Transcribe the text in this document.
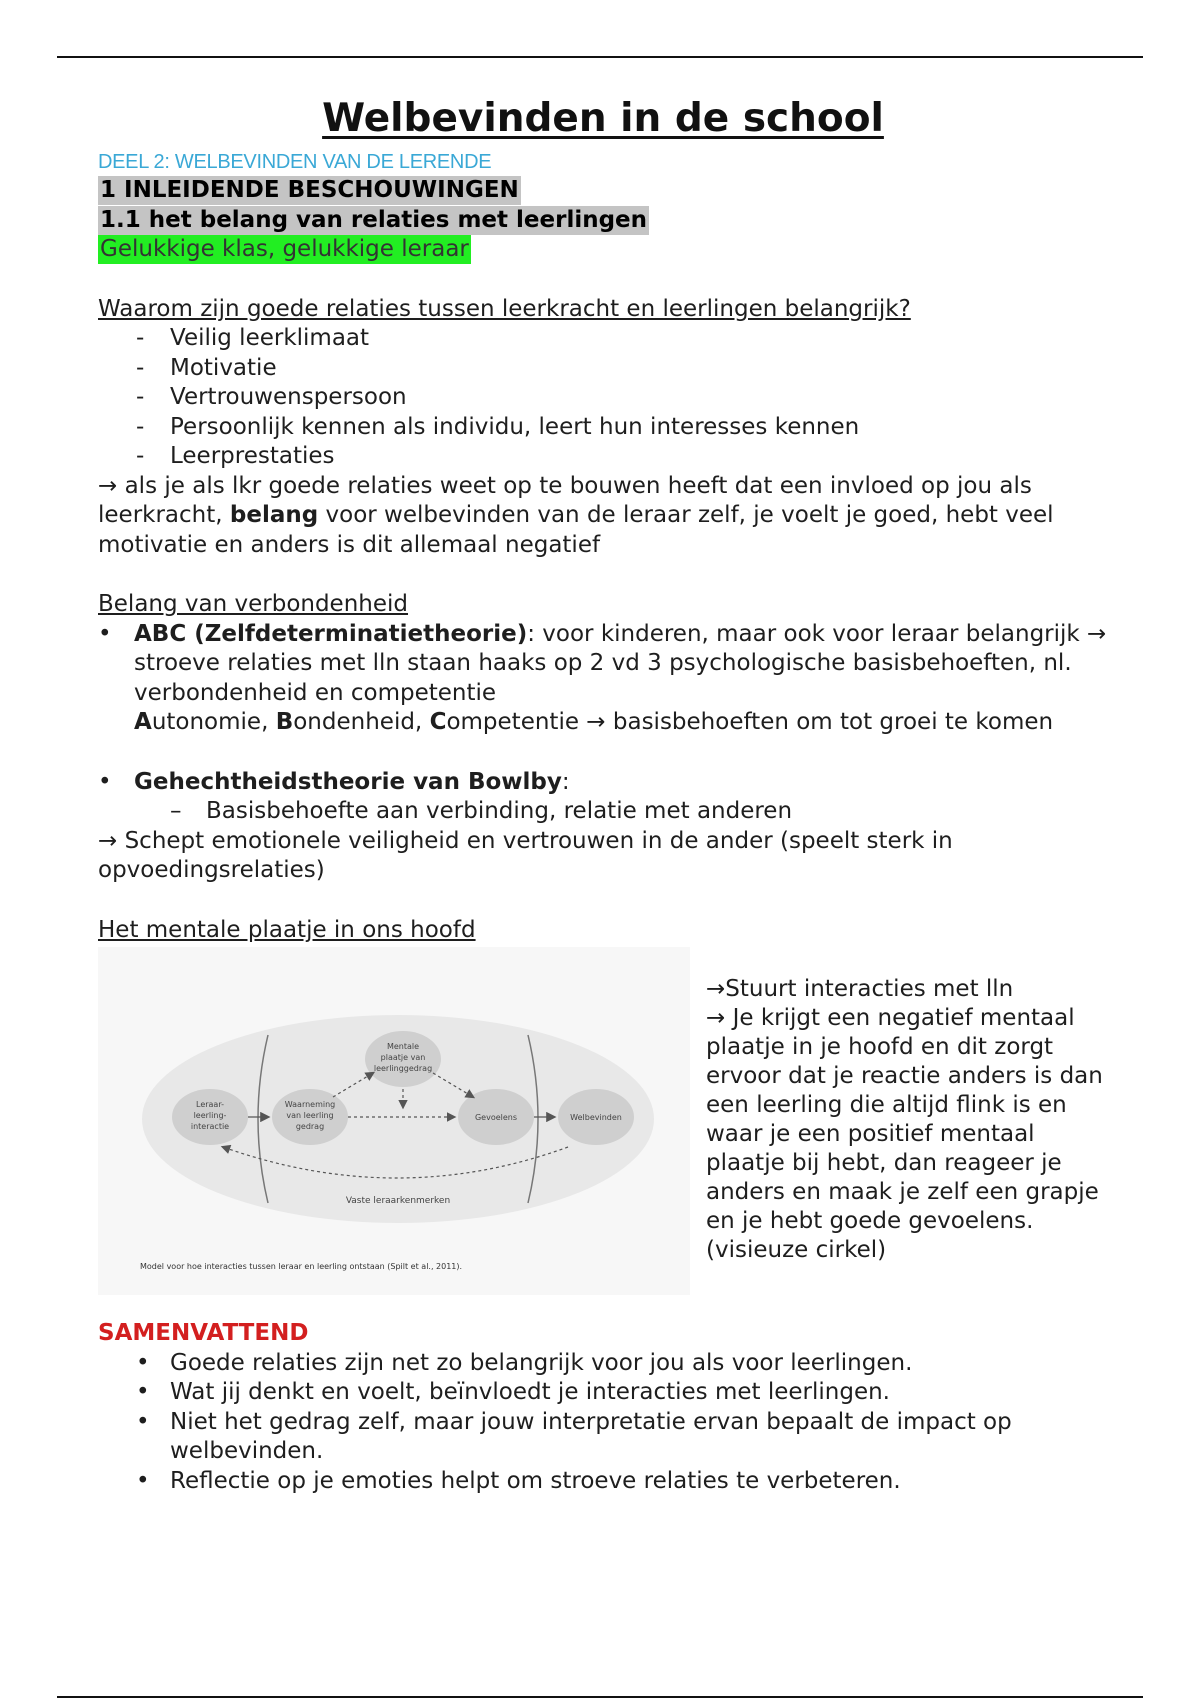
Welbevinden in de school
DEEL 2: WELBEVINDEN VAN DE LERENDE
1 INLEIDENDE BESCHOUWINGEN
1.1 het belang van relaties met leerlingen
Gelukkige klas, gelukkige leraar
Waarom zijn goede relaties tussen leerkracht en leerlingen belangrijk?
- Veilig leerklimaat
- Motivatie
- Vertrouwenspersoon
- Persoonlijk kennen als individu, leert hun interesses kennen
- Leerprestaties
→ als je als lkr goede relaties weet op te bouwen heeft dat een invloed op jou als leerkracht, belang voor welbevinden van de leraar zelf, je voelt je goed, hebt veel motivatie en anders is dit allemaal negatief
Belang van verbondenheid
• ABC (Zelfdeterminatietheorie): voor kinderen, maar ook voor leraar belangrijk → stroeve relaties met lln staan haaks op 2 vd 3 psychologische basisbehoeften, nl. verbondenheid en competentie
Autonomie, Bondenheid, Competentie → basisbehoeften om tot groei te komen
• Gehechtheidstheorie van Bowlby:
– Basisbehoefte aan verbinding, relatie met anderen
→ Schept emotionele veiligheid en vertrouwen in de ander (speelt sterk in opvoedingsrelaties)
Het mentale plaatje in ons hoofd
Leraar-
leerling-
interactie
Waarneming
van leerling
gedrag
Mentale
plaatje van
leerlinggedrag
Gevoelens	Welbevinden
Vaste leraarkenmerken
Model voor hoe interacties tussen leraar en leerling ontstaan (Spilt et al., 2011).
→Stuurt interacties met lln
→ Je krijgt een negatief mentaal plaatje in je hoofd en dit zorgt ervoor dat je reactie anders is dan een leerling die altijd flink is en waar je een positief mentaal plaatje bij hebt, dan reageer je anders en maak je zelf een grapje en je hebt goede gevoelens. (visieuze cirkel)
SAMENVATTEND
• Goede relaties zijn net zo belangrijk voor jou als voor leerlingen.
• Wat jij denkt en voelt, beïnvloedt je interacties met leerlingen.
• Niet het gedrag zelf, maar jouw interpretatie ervan bepaalt de impact op welbevinden.
• Reflectie op je emoties helpt om stroeve relaties te verbeteren.
